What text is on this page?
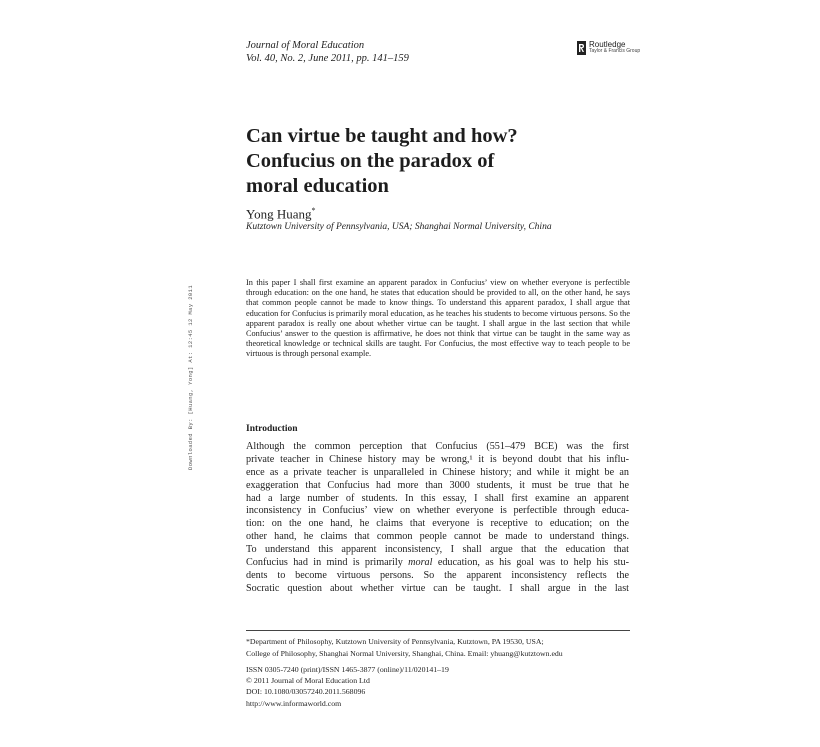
Journal of Moral Education
Vol. 40, No. 2, June 2011, pp. 141–159
Routledge
Taylor & Francis Group
Can virtue be taught and how?
Confucius on the paradox of
moral education
Yong Huang*
Kutztown University of Pennsylvania, USA; Shanghai Normal University, China
Downloaded By: [Huang, Yong] At: 12:45 12 May 2011
In this paper I shall first examine an apparent paradox in Confucius’ view on whether everyone is perfectible through education: on the one hand, he states that education should be provided to all, on the other hand, he says that common people cannot be made to know things. To understand this apparent paradox, I shall argue that education for Confucius is primarily moral education, as he teaches his students to become virtuous persons. So the apparent paradox is really one about whether virtue can be taught. I shall argue in the last section that while Confucius’ answer to the question is affirmative, he does not think that virtue can be taught in the same way as theoretical knowledge or technical skills are taught. For Confucius, the most effective way to teach people to be virtuous is through personal example.
Introduction
Although the common perception that Confucius (551–479 BCE) was the first
private teacher in Chinese history may be wrong,¹ it is beyond doubt that his influ-
ence as a private teacher is unparalleled in Chinese history; and while it might be an
exaggeration that Confucius had more than 3000 students, it must be true that he
had a large number of students. In this essay, I shall first examine an apparent
inconsistency in Confucius’ view on whether everyone is perfectible through educa-
tion: on the one hand, he claims that everyone is receptive to education; on the
other hand, he claims that common people cannot be made to understand things.
To understand this apparent inconsistency, I shall argue that the education that
Confucius had in mind is primarily moral education, as his goal was to help his stu-
dents to become virtuous persons. So the apparent inconsistency reflects the
Socratic question about whether virtue can be taught. I shall argue in the last
*Department of Philosophy, Kutztown University of Pennsylvania, Kutztown, PA 19530, USA;
College of Philosophy, Shanghai Normal University, Shanghai, China. Email: yhuang@kutztown.edu
ISSN 0305-7240 (print)/ISSN 1465-3877 (online)/11/020141–19
© 2011 Journal of Moral Education Ltd
DOI: 10.1080/03057240.2011.568096
http://www.informaworld.com
